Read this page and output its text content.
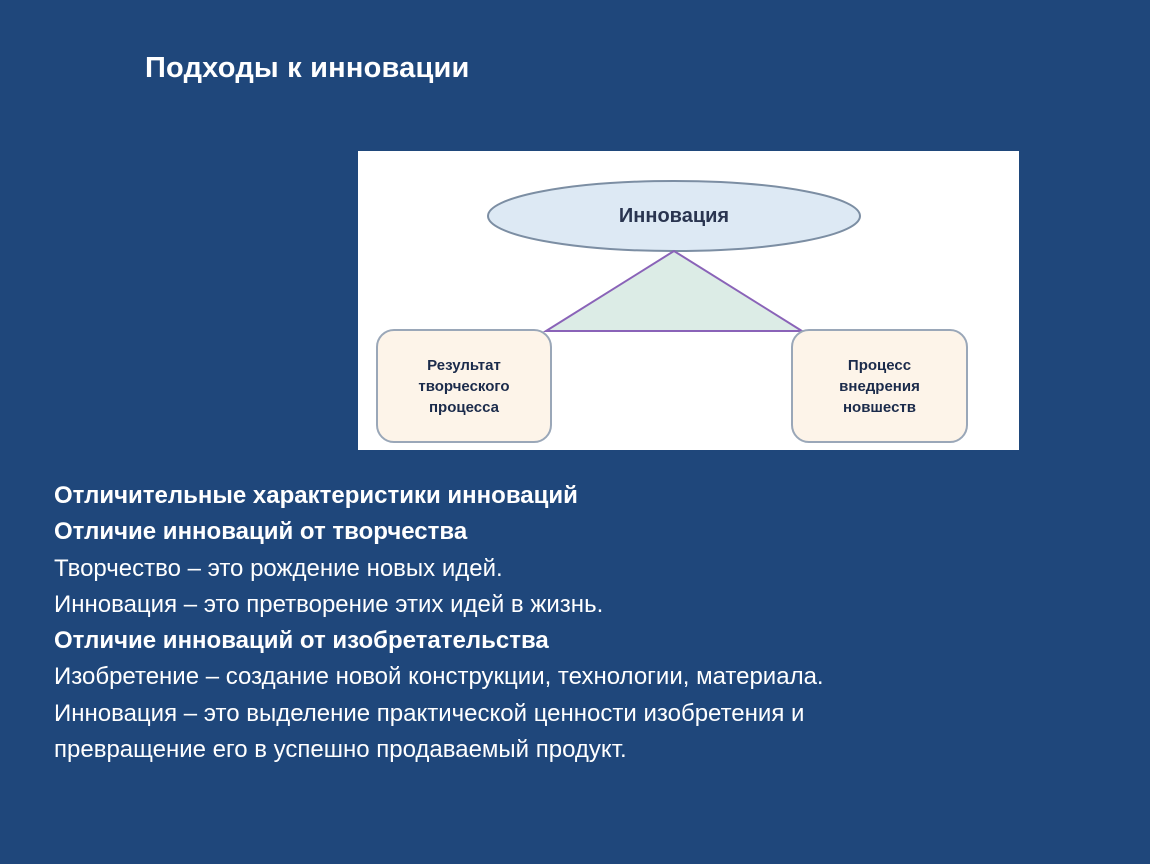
Подходы к инновации
Инновация
Результат
творческого
процесса
Процесс
внедрения
новшеств
Отличительные характеристики инноваций
Отличие инноваций от творчества
Творчество – это рождение новых идей.
Инновация – это претворение этих идей в жизнь.
Отличие инноваций от изобретательства
Изобретение – создание новой конструкции, технологии, материала.
Инновация – это выделение практической ценности изобретения и
превращение его в успешно продаваемый продукт.
